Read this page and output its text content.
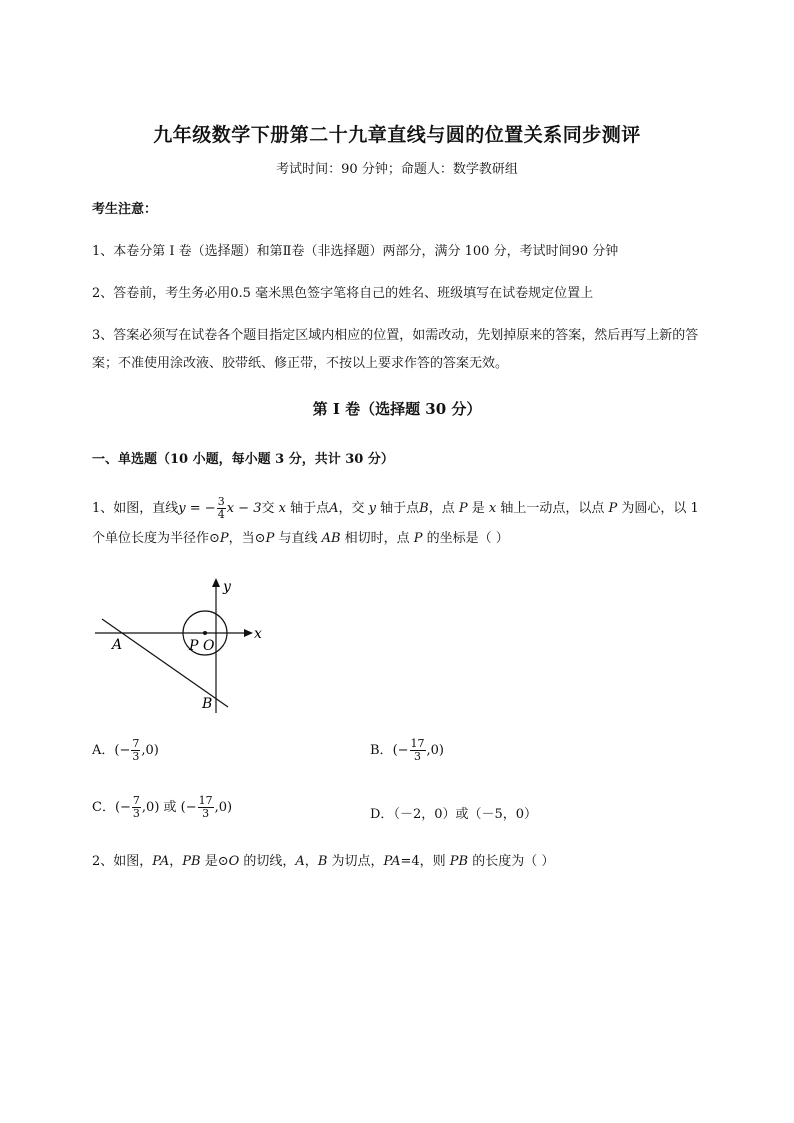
九年级数学下册第二十九章直线与圆的位置关系同步测评
考试时间：90 分钟；命题人：数学教研组
考生注意：
1、本卷分第 I 卷（选择题）和第Ⅱ卷（非选择题）两部分，满分 100 分，考试时间90 分钟
2、答卷前，考生务必用0.5 毫米黑色签字笔将自己的姓名、班级填写在试卷规定位置上
3、答案必须写在试卷各个题目指定区域内相应的位置，如需改动，先划掉原来的答案，然后再写上新的答案；不准使用涂改液、胶带纸、修正带，不按以上要求作答的答案无效。
第 I 卷（选择题 30 分）
一、单选题（10 小题，每小题 3 分，共计 30 分）
1、如图，直线y = − $\frac{3}{4}$ x − 3交 x 轴于点A，交 y 轴于点B，点 P 是 x 轴上一动点，以点 P 为圆心，以 1
个单位长度为半径作⊙P，当⊙P 与直线 AB 相切时，点 P 的坐标是（ ）
y
x
A
B
P O
A．(− $\frac{7}{3} ,0$)	B．(− $\frac{17}{3} ,0$)
C．(− $\frac{7}{3} ,0$) 或 (− $\frac{17}{3} ,0$)	D．（－2，0）或（－5，0）
2、如图，PA，PB 是⊙O 的切线，A，B 为切点，PA=4，则 PB 的长度为（ ）
